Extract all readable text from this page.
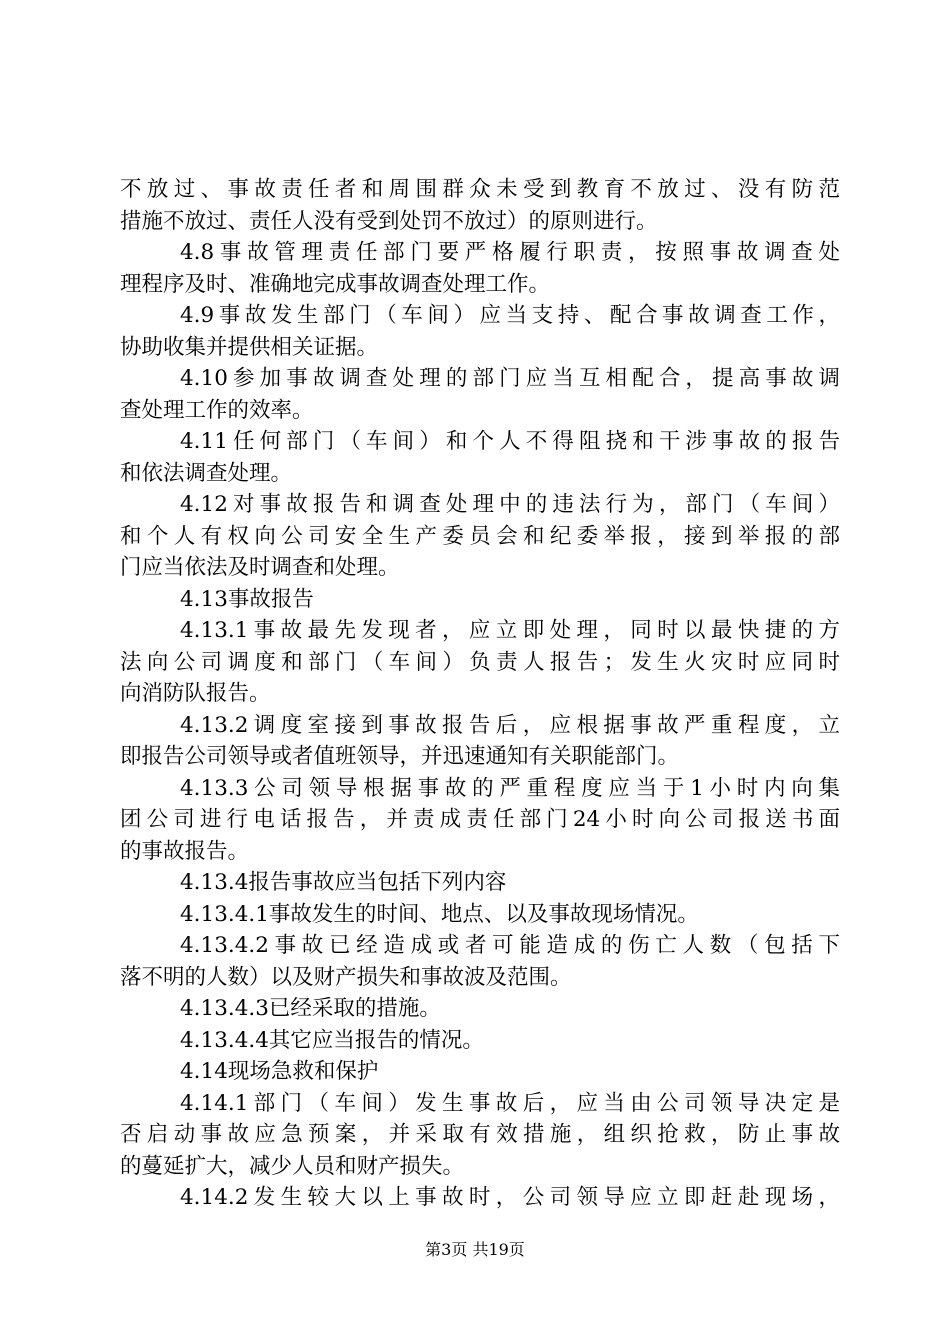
不放过、事故责任者和周围群众未受到教育不放过、没有防范
措施不放过、责任人没有受到处罚不放过）的原则进行。
4.8事故管理责任部门要严格履行职责，按照事故调查处
理程序及时、准确地完成事故调查处理工作。
4.9事故发生部门（车间）应当支持、配合事故调查工作，
协助收集并提供相关证据。
4.10参加事故调查处理的部门应当互相配合，提高事故调
查处理工作的效率。
4.11任何部门（车间）和个人不得阻挠和干涉事故的报告
和依法调查处理。
4.12对事故报告和调查处理中的违法行为，部门（车间）
和个人有权向公司安全生产委员会和纪委举报，接到举报的部
门应当依法及时调查和处理。
4.13事故报告
4.13.1事故最先发现者，应立即处理，同时以最快捷的方
法向公司调度和部门（车间）负责人报告；发生火灾时应同时
向消防队报告。
4.13.2调度室接到事故报告后，应根据事故严重程度，立
即报告公司领导或者值班领导，并迅速通知有关职能部门。
4.13.3公司领导根据事故的严重程度应当于1小时内向集
团公司进行电话报告，并责成责任部门24小时向公司报送书面
的事故报告。
4.13.4报告事故应当包括下列内容
4.13.4.1事故发生的时间、地点、以及事故现场情况。
4.13.4.2事故已经造成或者可能造成的伤亡人数（包括下
落不明的人数）以及财产损失和事故波及范围。
4.13.4.3已经采取的措施。
4.13.4.4其它应当报告的情况。
4.14现场急救和保护
4.14.1部门（车间）发生事故后，应当由公司领导决定是
否启动事故应急预案，并采取有效措施，组织抢救，防止事故
的蔓延扩大，减少人员和财产损失。
4.14.2发生较大以上事故时，公司领导应立即赶赴现场，
第3页 共19页
